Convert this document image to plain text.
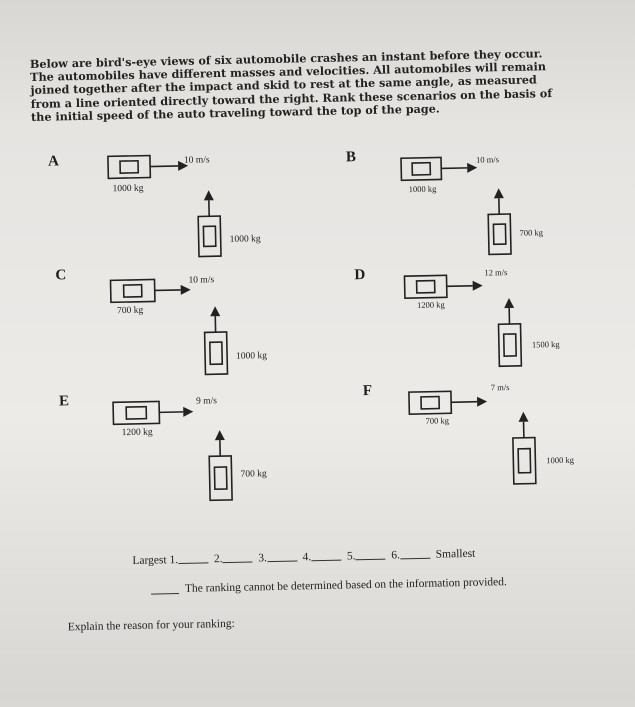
Below are bird's-eye views of six automobile crashes an instant before they occur. The automobiles have different masses and velocities. All automobiles will remain joined together after the impact and skid to rest at the same angle, as measured from a line oriented directly toward the right. Rank these scenarios on the basis of the initial speed of the auto traveling toward the top of the page.
A	10 m/s
1000 kg
1000 kg
B	10 m/s
1000 kg
700 kg
C	10 m/s
700 kg
1000 kg
D	12 m/s
1200 kg
1500 kg
E	9 m/s
1200 kg
700 kg
F	7 m/s
700 kg
1000 kg
Largest 1.	2.	3.	4.	5.	6.	Smallest
The ranking cannot be determined based on the information provided.
Explain the reason for your ranking:
